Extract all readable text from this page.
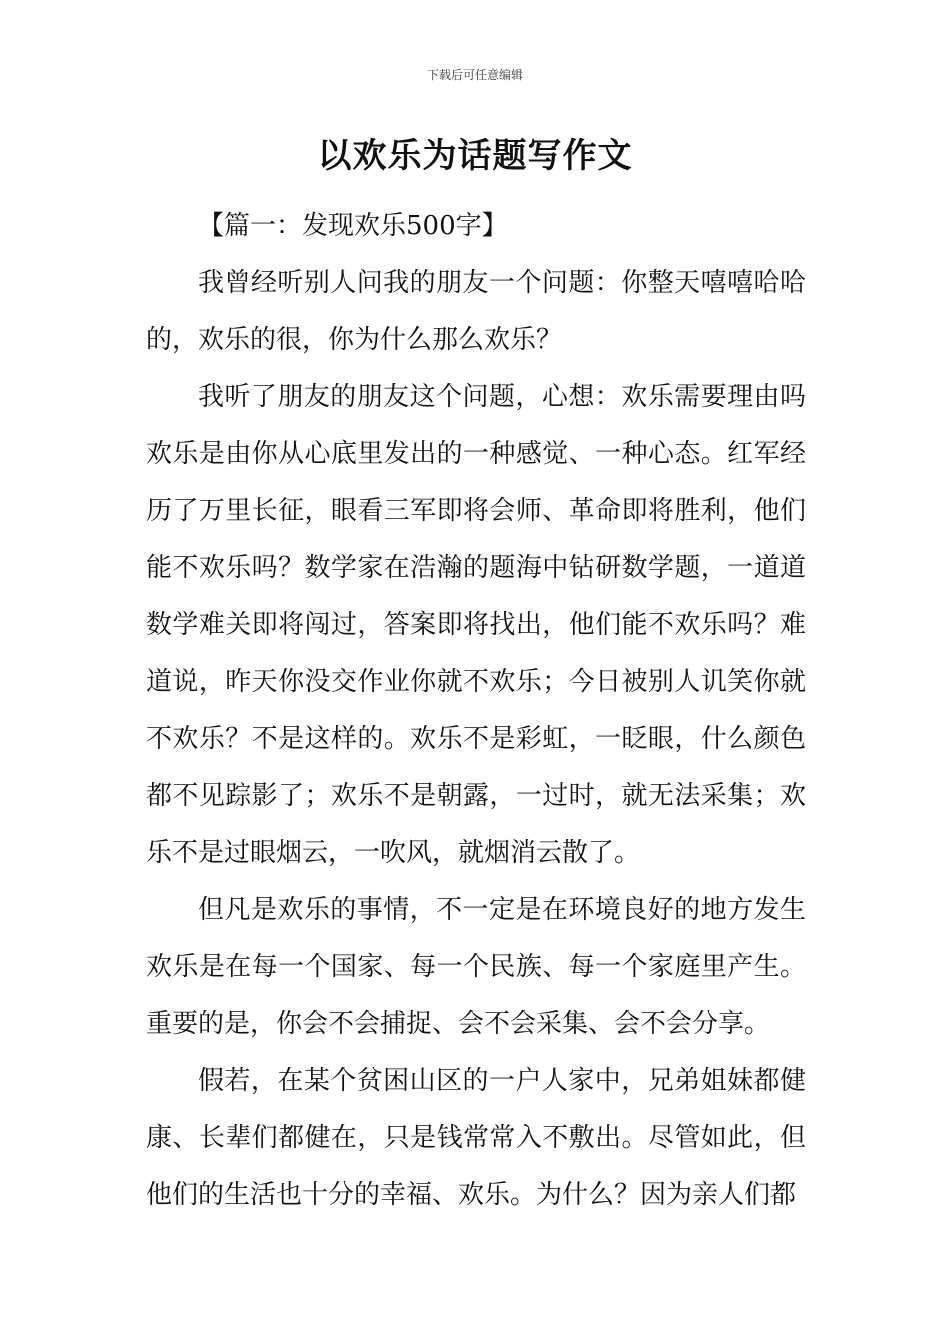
下载后可任意编辑
以欢乐为话题写作文

【篇一：发现欢乐500字】

我曾经听别人问我的朋友一个问题：你整天嘻嘻哈哈的，欢乐的很，你为什么那么欢乐？

我听了朋友的朋友这个问题，心想：欢乐需要理由吗欢乐是由你从心底里发出的一种感觉、一种心态。红军经历了万里长征，眼看三军即将会师、革命即将胜利，他们能不欢乐吗？数学家在浩瀚的题海中钻研数学题，一道道数学难关即将闯过，答案即将找出，他们能不欢乐吗？难道说，昨天你没交作业你就不欢乐；今日被别人讥笑你就不欢乐？不是这样的。欢乐不是彩虹，一眨眼，什么颜色都不见踪影了；欢乐不是朝露，一过时，就无法采集；欢乐不是过眼烟云，一吹风，就烟消云散了。

但凡是欢乐的事情，不一定是在环境良好的地方发生欢乐是在每一个国家、每一个民族、每一个家庭里产生。重要的是，你会不会捕捉、会不会采集、会不会分享。

假若，在某个贫困山区的一户人家中，兄弟姐妹都健康、长辈们都健在，只是钱常常入不敷出。尽管如此，但他们的生活也十分的幸福、欢乐。为什么？因为亲人们都
